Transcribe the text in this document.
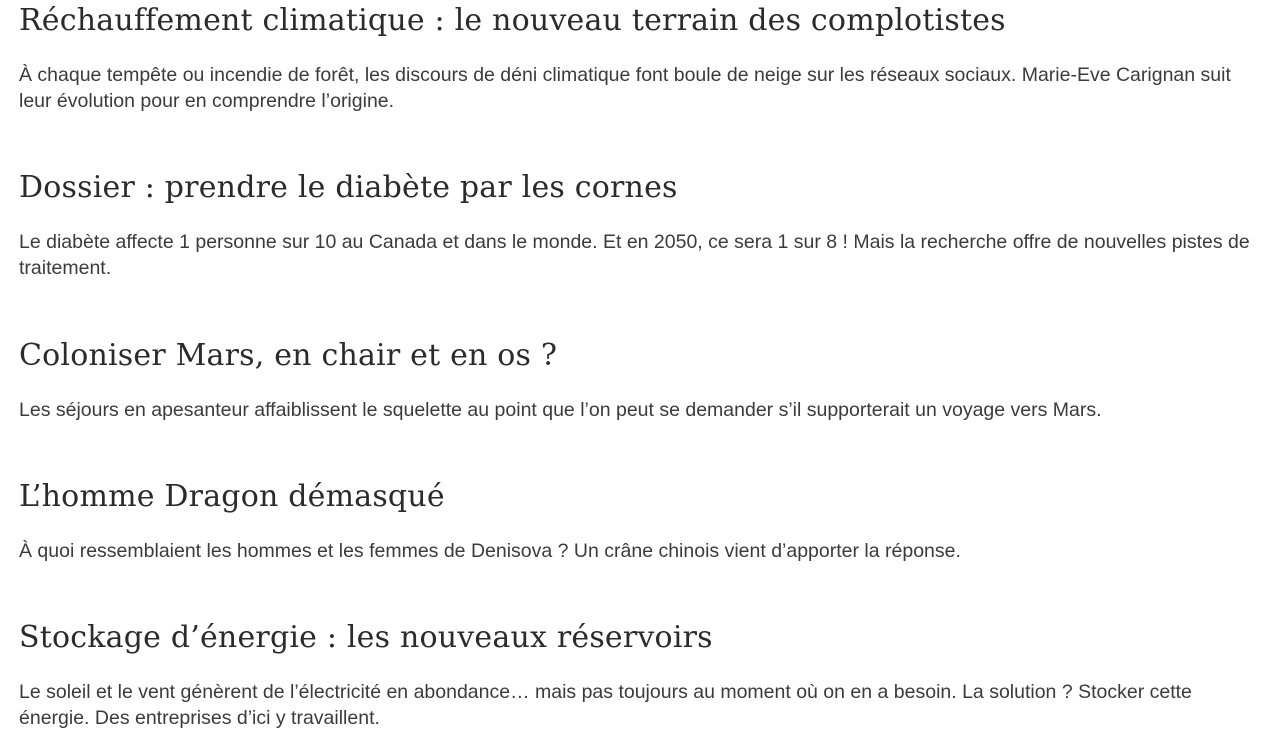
Réchauffement climatique : le nouveau terrain des complotistes

À chaque tempête ou incendie de forêt, les discours de déni climatique font boule de neige sur les réseaux sociaux. Marie-Eve Carignan suit leur évolution pour en comprendre l’origine.

Dossier : prendre le diabète par les cornes

Le diabète affecte 1 personne sur 10 au Canada et dans le monde. Et en 2050, ce sera 1 sur 8 ! Mais la recherche offre de nouvelles pistes de traitement.

Coloniser Mars, en chair et en os ?

Les séjours en apesanteur affaiblissent le squelette au point que l’on peut se demander s’il supporterait un voyage vers Mars.

L’homme Dragon démasqué

À quoi ressemblaient les hommes et les femmes de Denisova ? Un crâne chinois vient d’apporter la réponse.

Stockage d’énergie : les nouveaux réservoirs

Le soleil et le vent génèrent de l’électricité en abondance… mais pas toujours au moment où on en a besoin. La solution ? Stocker cette énergie. Des entreprises d’ici y travaillent.
